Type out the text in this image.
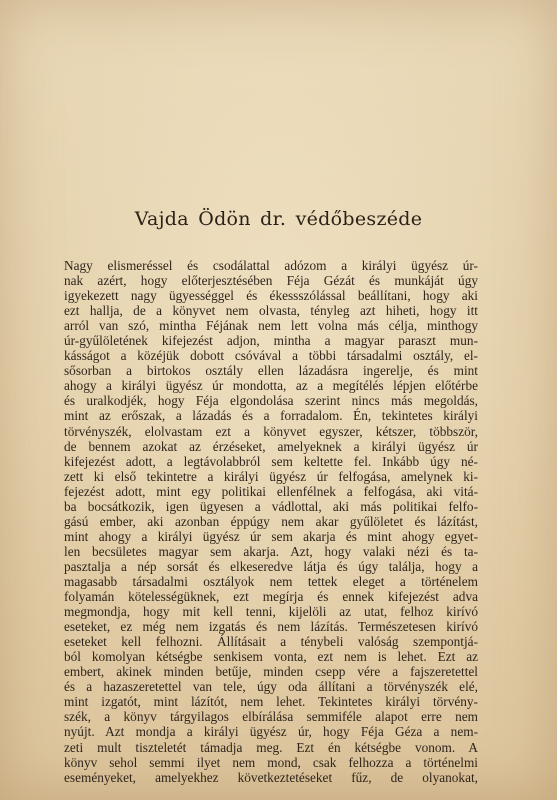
Vajda Ödön dr. védőbeszéde
Nagy elismeréssel és csodálattal adózom a királyi ügyész úr-
nak azért, hogy előterjesztésében Féja Gézát és munkáját úgy
igyekezett nagy ügyességgel és ékessszólással beállítani, hogy aki
ezt hallja, de a könyvet nem olvasta, tényleg azt hiheti, hogy itt
arról van szó, mintha Féjának nem lett volna más célja, minthogy
úr-gyűlöletének kifejezést adjon, mintha a magyar paraszt mun-
kásságot a közéjük dobott csóvával a többi társadalmi osztály, el-
sősorban a birtokos osztály ellen lázadásra ingerelje, és mint
ahogy a királyi ügyész úr mondotta, az a megítélés lépjen előtérbe
és uralkodjék, hogy Féja elgondolása szerint nincs más megoldás,
mint az erőszak, a lázadás és a forradalom. Én, tekintetes királyi
törvényszék, elolvastam ezt a könyvet egyszer, kétszer, többször,
de bennem azokat az érzéseket, amelyeknek a királyi ügyész úr
kifejezést adott, a legtávolabbról sem keltette fel. Inkább úgy né-
zett ki első tekintetre a királyi ügyész úr felfogása, amelynek ki-
fejezést adott, mint egy politikai ellenfélnek a felfogása, aki vitá-
ba bocsátkozik, igen ügyesen a vádlottal, aki más politikai felfo-
gású ember, aki azonban éppúgy nem akar gyűlöletet és lázítást,
mint ahogy a királyi ügyész úr sem akarja és mint ahogy egyet-
len becsületes magyar sem akarja. Azt, hogy valaki nézi és ta-
pasztalja a nép sorsát és elkeseredve látja és úgy találja, hogy a
magasabb társadalmi osztályok nem tettek eleget a történelem
folyamán kötelességüknek, ezt megírja és ennek kifejezést adva
megmondja, hogy mit kell tenni, kijelöli az utat, felhoz kirívó
eseteket, ez még nem izgatás és nem lázítás. Természetesen kirívó
eseteket kell felhozni. Állításait a ténybeli valóság szempontjá-
ból komolyan kétségbe senkisem vonta, ezt nem is lehet. Ezt az
embert, akinek minden betűje, minden csepp vére a fajszeretettel
és a hazaszeretettel van tele, úgy oda állítani a törvényszék elé,
mint izgatót, mint lázítót, nem lehet. Tekintetes királyi törvény-
szék, a könyv tárgyilagos elbírálása semmiféle alapot erre nem
nyújt. Azt mondja a királyi ügyész úr, hogy Féja Géza a nem-
zeti mult tiszteletét támadja meg. Ezt én kétségbe vonom. A
könyv sehol semmi ilyet nem mond, csak felhozza a történelmi
eseményeket, amelyekhez következtetéseket fűz, de olyanokat,
